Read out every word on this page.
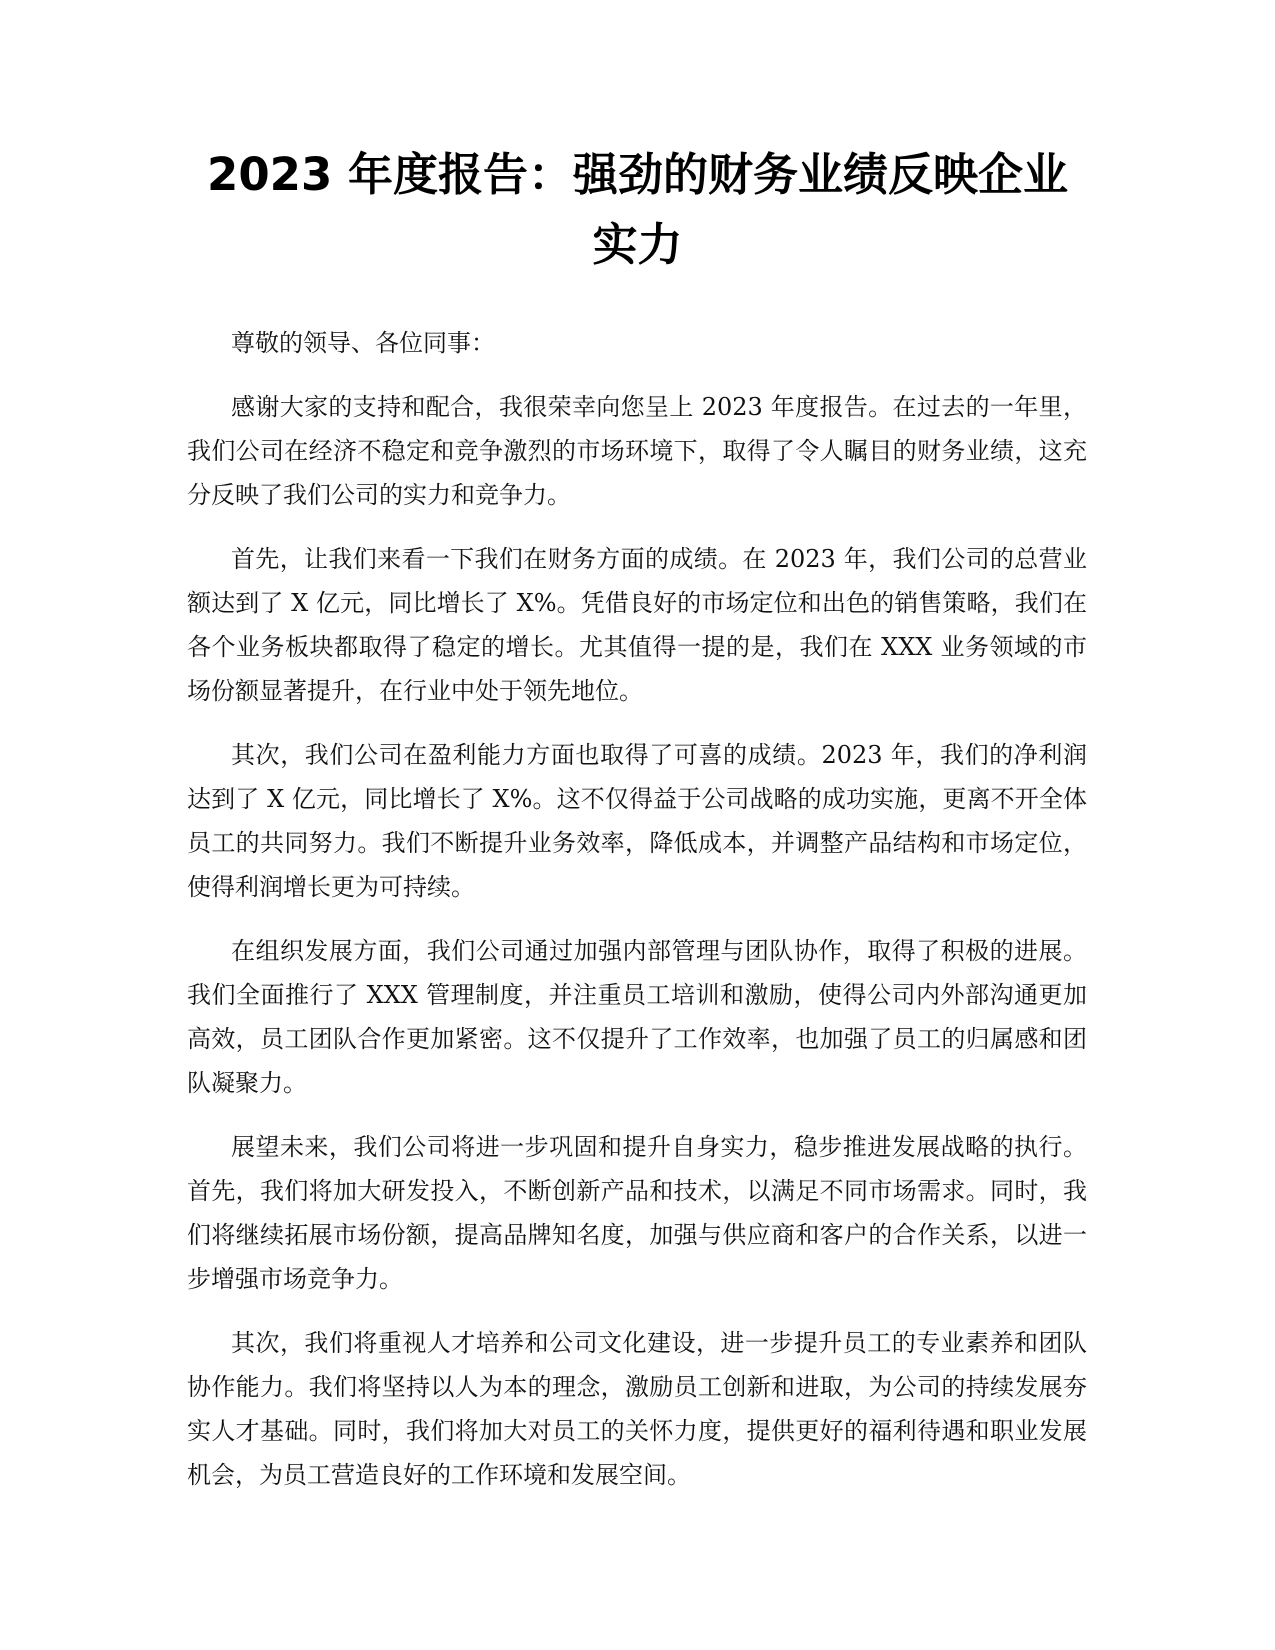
2023 年度报告：强劲的财务业绩反映企业实力

尊敬的领导、各位同事：

感谢大家的支持和配合，我很荣幸向您呈上 2023 年度报告。在过去的一年里，我们公司在经济不稳定和竞争激烈的市场环境下，取得了令人瞩目的财务业绩，这充分反映了我们公司的实力和竞争力。

首先，让我们来看一下我们在财务方面的成绩。在 2023 年，我们公司的总营业额达到了 X 亿元，同比增长了 X%。凭借良好的市场定位和出色的销售策略，我们在各个业务板块都取得了稳定的增长。尤其值得一提的是，我们在 XXX 业务领域的市场份额显著提升，在行业中处于领先地位。

其次，我们公司在盈利能力方面也取得了可喜的成绩。2023 年，我们的净利润达到了 X 亿元，同比增长了 X%。这不仅得益于公司战略的成功实施，更离不开全体员工的共同努力。我们不断提升业务效率，降低成本，并调整产品结构和市场定位，使得利润增长更为可持续。

在组织发展方面，我们公司通过加强内部管理与团队协作，取得了积极的进展。我们全面推行了 XXX 管理制度，并注重员工培训和激励，使得公司内外部沟通更加高效，员工团队合作更加紧密。这不仅提升了工作效率，也加强了员工的归属感和团队凝聚力。

展望未来，我们公司将进一步巩固和提升自身实力，稳步推进发展战略的执行。首先，我们将加大研发投入，不断创新产品和技术，以满足不同市场需求。同时，我们将继续拓展市场份额，提高品牌知名度，加强与供应商和客户的合作关系，以进一步增强市场竞争力。

其次，我们将重视人才培养和公司文化建设，进一步提升员工的专业素养和团队协作能力。我们将坚持以人为本的理念，激励员工创新和进取，为公司的持续发展夯实人才基础。同时，我们将加大对员工的关怀力度，提供更好的福利待遇和职业发展机会，为员工营造良好的工作环境和发展空间。
